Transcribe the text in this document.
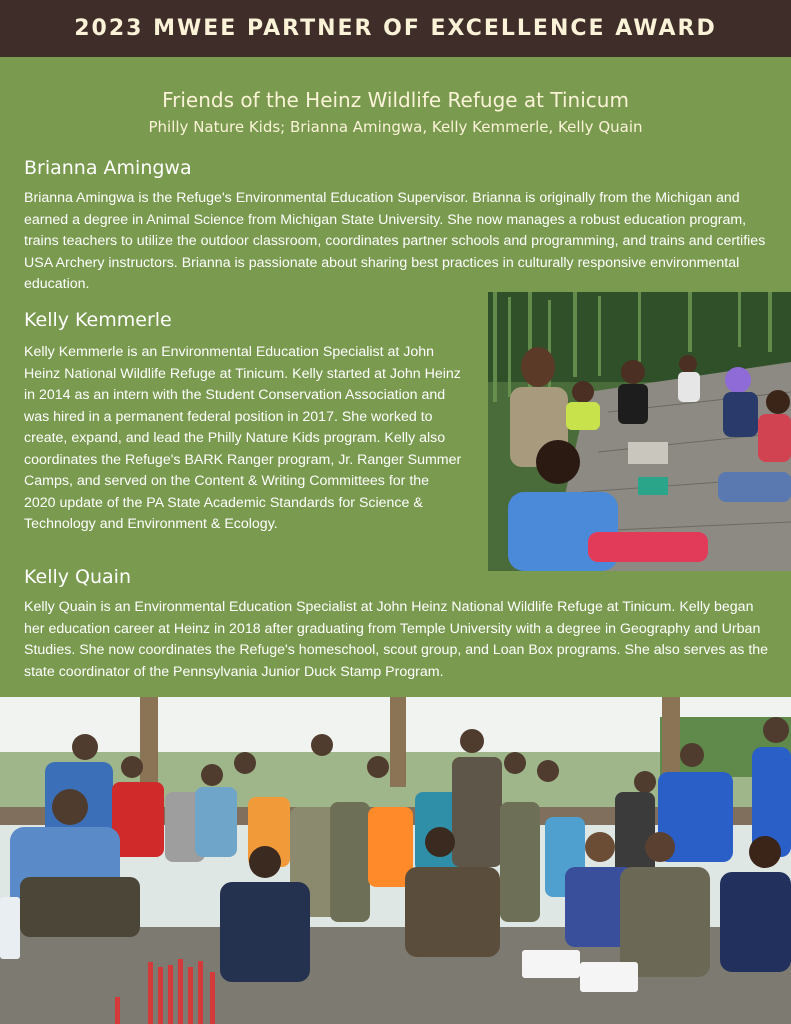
2023 MWEE PARTNER OF EXCELLENCE AWARD
Friends of the Heinz Wildlife Refuge at Tinicum
Philly Nature Kids; Brianna Amingwa, Kelly Kemmerle, Kelly Quain
Brianna Amingwa

Brianna Amingwa is the Refuge's Environmental Education Supervisor. Brianna is originally from the Michigan and earned a degree in Animal Science from Michigan State University. She now manages a robust education program, trains teachers to utilize the outdoor classroom, coordinates partner schools and programming, and trains and certifies USA Archery instructors. Brianna is passionate about sharing best practices in culturally responsive environmental education.

Kelly Kemmerle

Kelly Kemmerle is an Environmental Education Specialist at John Heinz National Wildlife Refuge at Tinicum. Kelly started at John Heinz in 2014 as an intern with the Student Conservation Association and was hired in a permanent federal position in 2017. She worked to create, expand, and lead the Philly Nature Kids program. Kelly also coordinates the Refuge's BARK Ranger program, Jr. Ranger Summer Camps, and served on the Content & Writing Committees for the 2020 update of the PA State Academic Standards for Science & Technology and Environment & Ecology.

Kelly Quain

Kelly Quain is an Environmental Education Specialist at John Heinz National Wildlife Refuge at Tinicum. Kelly began her education career at Heinz in 2018 after graduating from Temple University with a degree in Geography and Urban Studies. She now coordinates the Refuge's homeschool, scout group, and Loan Box programs. She also serves as the state coordinator of the Pennsylvania Junior Duck Stamp Program.
